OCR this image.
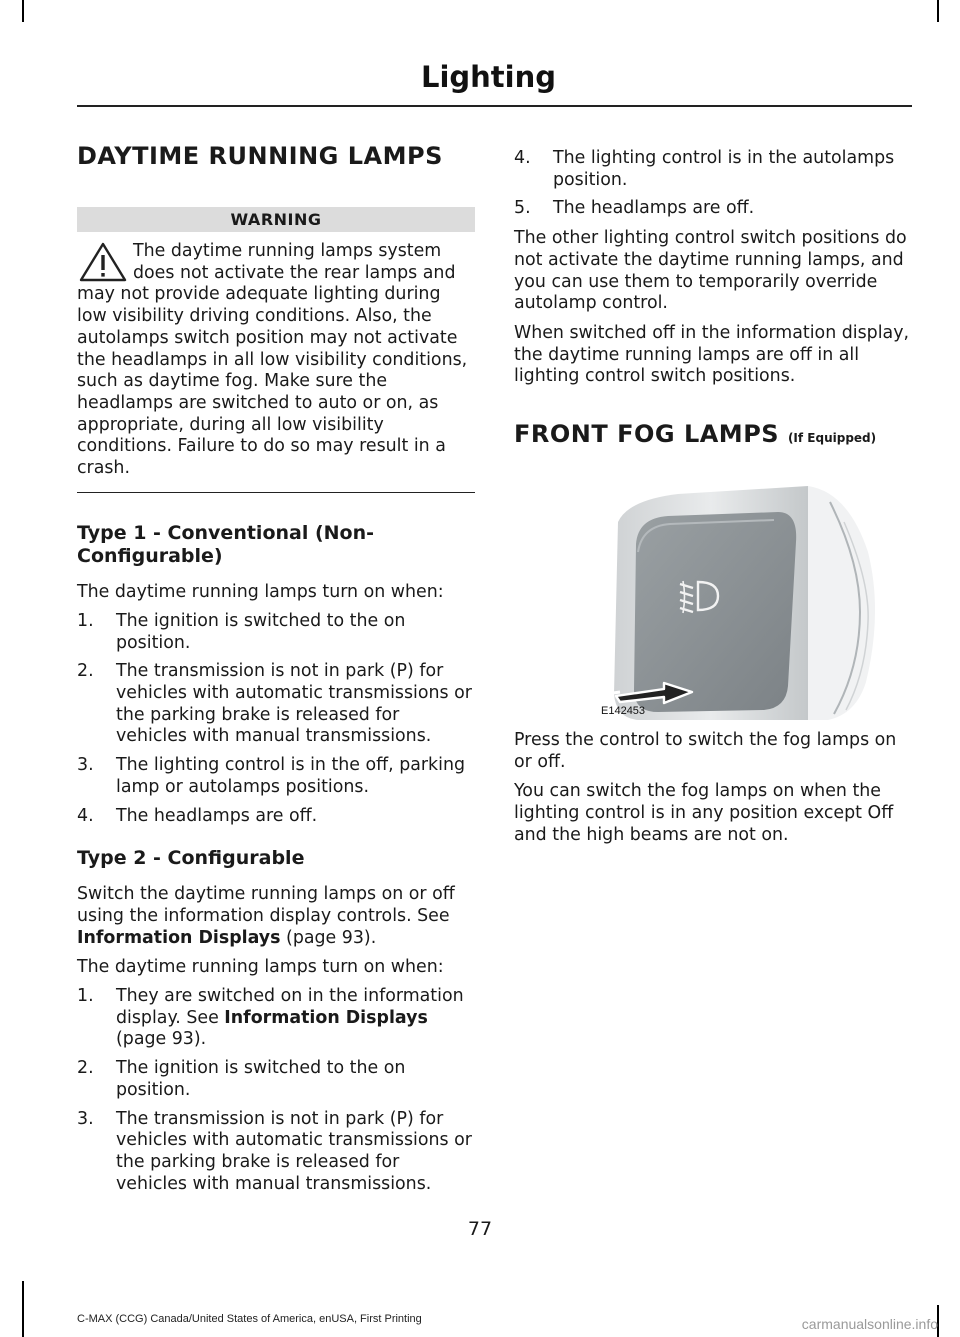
Lighting
DAYTIME RUNNING LAMPS
WARNING
The daytime running lamps system does not activate the rear lamps and may not provide adequate lighting during low visibility driving conditions. Also, the autolamps switch position may not activate the headlamps in all low visibility conditions, such as daytime fog. Make sure the headlamps are switched to auto or on, as appropriate, during all low visibility conditions. Failure to do so may result in a crash.
Type 1 - Conventional (Non-Configurable)

The daytime running lamps turn on when:

1. The ignition is switched to the on position.
2. The transmission is not in park (P) for vehicles with automatic transmissions or the parking brake is released for vehicles with manual transmissions.
3. The lighting control is in the off, parking lamp or autolamps positions.
4. The headlamps are off.
Type 2 - Configurable

Switch the daytime running lamps on or off using the information display controls. See Information Displays (page 93).

The daytime running lamps turn on when:

1. They are switched on in the information display. See Information Displays (page 93).
2. The ignition is switched to the on position.
3. The transmission is not in park (P) for vehicles with automatic transmissions or the parking brake is released for vehicles with manual transmissions.
4. The lighting control is in the autolamps position.
5. The headlamps are off.

The other lighting control switch positions do not activate the daytime running lamps, and you can use them to temporarily override autolamp control.

When switched off in the information display, the daytime running lamps are off in all lighting control switch positions.

FRONT FOG LAMPS (If Equipped)
E142453

Press the control to switch the fog lamps on or off.

You can switch the fog lamps on when the lighting control is in any position except Off and the high beams are not on.

77
C-MAX (CCG) Canada/United States of America, enUSA, First Printing	carmanualsonline.info
